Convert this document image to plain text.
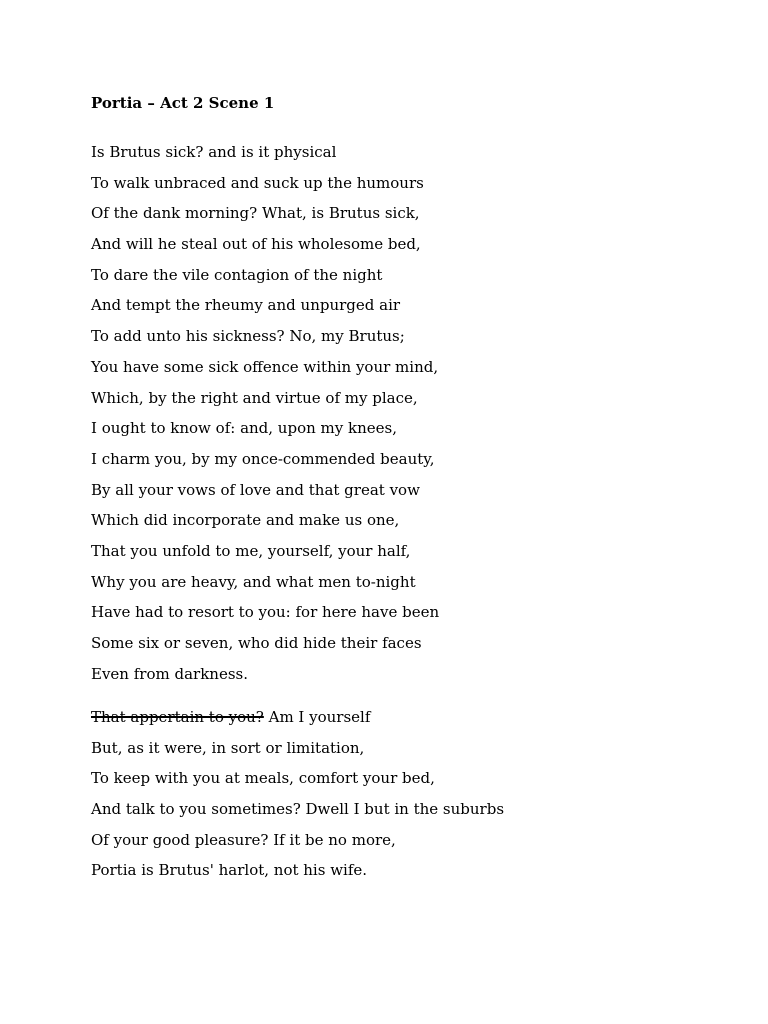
Portia – Act 2 Scene 1
Is Brutus sick? and is it physical
To walk unbraced and suck up the humours
Of the dank morning? What, is Brutus sick,
And will he steal out of his wholesome bed,
To dare the vile contagion of the night
And tempt the rheumy and unpurged air
To add unto his sickness? No, my Brutus;
You have some sick offence within your mind,
Which, by the right and virtue of my place,
I ought to know of: and, upon my knees,
I charm you, by my once-commended beauty,
By all your vows of love and that great vow
Which did incorporate and make us one,
That you unfold to me, yourself, your half,
Why you are heavy, and what men to-night
Have had to resort to you: for here have been
Some six or seven, who did hide their faces
Even from darkness.
That appertain to you? Am I yourself
But, as it were, in sort or limitation,
To keep with you at meals, comfort your bed,
And talk to you sometimes? Dwell I but in the suburbs
Of your good pleasure? If it be no more,
Portia is Brutus' harlot, not his wife.
